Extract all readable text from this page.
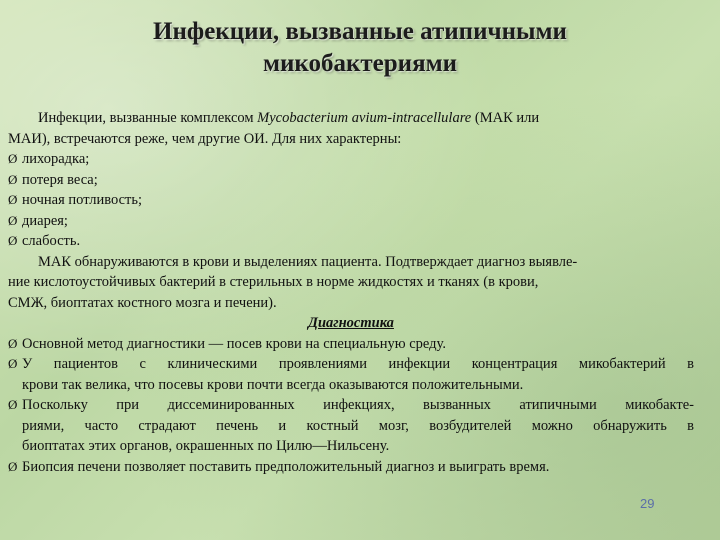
Инфекции, вызванные атипичными
микобактериями
Инфекции, вызванные комплексом Mycobacterium avium-intracellulare (МАК или
МАИ), встречаются реже, чем другие ОИ. Для них характерны:
Ø лихорадка;
Ø потеря веса;
Ø ночная потливость;
Ø диарея;
Ø слабость.
МАК обнаруживаются в крови и выделениях пациента. Подтверждает диагноз выявле-
ние кислотоустойчивых бактерий в стерильных в норме жидкостях и тканях (в крови,
СМЖ, биоптатах костного мозга и печени).
Диагностика
Ø Основной метод диагностики — посев крови на специальную среду.
Ø У пациентов с клиническими проявлениями инфекции концентрация микобактерий в
крови так велика, что посевы крови почти всегда оказываются положительными.
Ø Поскольку при диссеминированных инфекциях, вызванных атипичными микобакте-
риями, часто страдают печень и костный мозг, возбудителей можно обнаружить в
биоптатах этих органов, окрашенных по Цилю—Нильсену.
Ø Биопсия печени позволяет поставить предположительный диагноз и выиграть время.
29
